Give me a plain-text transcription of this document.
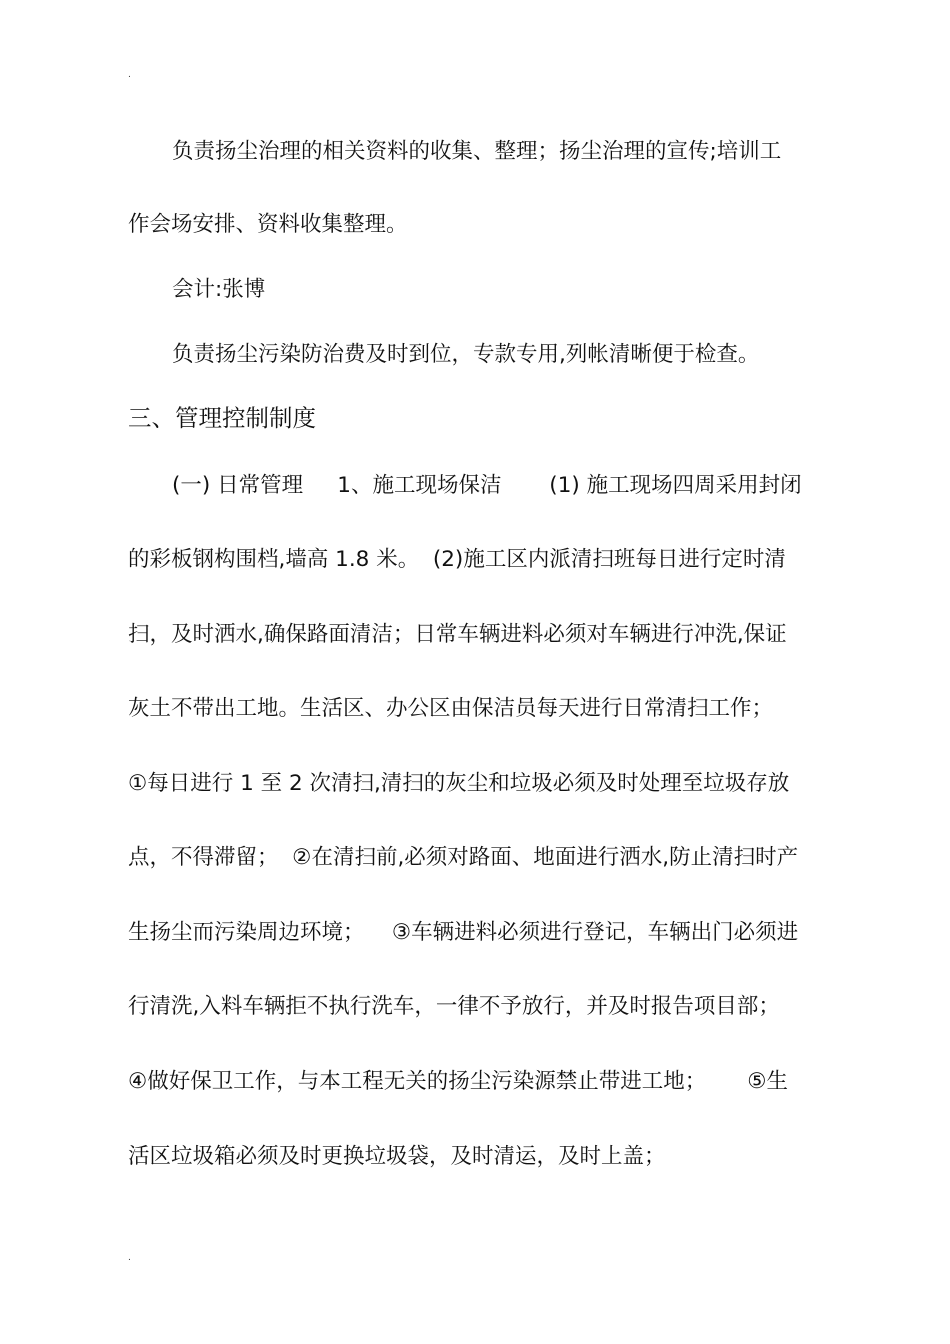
.
负责扬尘治理的相关资料的收集、整理；扬尘治理的宣传;培训工
作会场安排、资料收集整理。
会计:张博
负责扬尘污染防治费及时到位，专款专用,列帐清晰便于检查。
三、管理控制制度
(一) 日常管理     1、施工现场保洁       (1) 施工现场四周采用封闭
的彩板钢构围档,墙高 1.8 米。  (2)施工区内派清扫班每日进行定时清
扫，及时洒水,确保路面清洁；日常车辆进料必须对车辆进行冲洗,保证
灰土不带出工地。生活区、办公区由保洁员每天进行日常清扫工作；
①每日进行 1 至 2 次清扫,清扫的灰尘和垃圾必须及时处理至垃圾存放
点，不得滞留；  ②在清扫前,必须对路面、地面进行洒水,防止清扫时产
生扬尘而污染周边环境；    ③车辆进料必须进行登记，车辆出门必须进
行清洗,入料车辆拒不执行洗车，一律不予放行，并及时报告项目部；
④做好保卫工作，与本工程无关的扬尘污染源禁止带进工地；      ⑤生
活区垃圾箱必须及时更换垃圾袋，及时清运，及时上盖；
.
